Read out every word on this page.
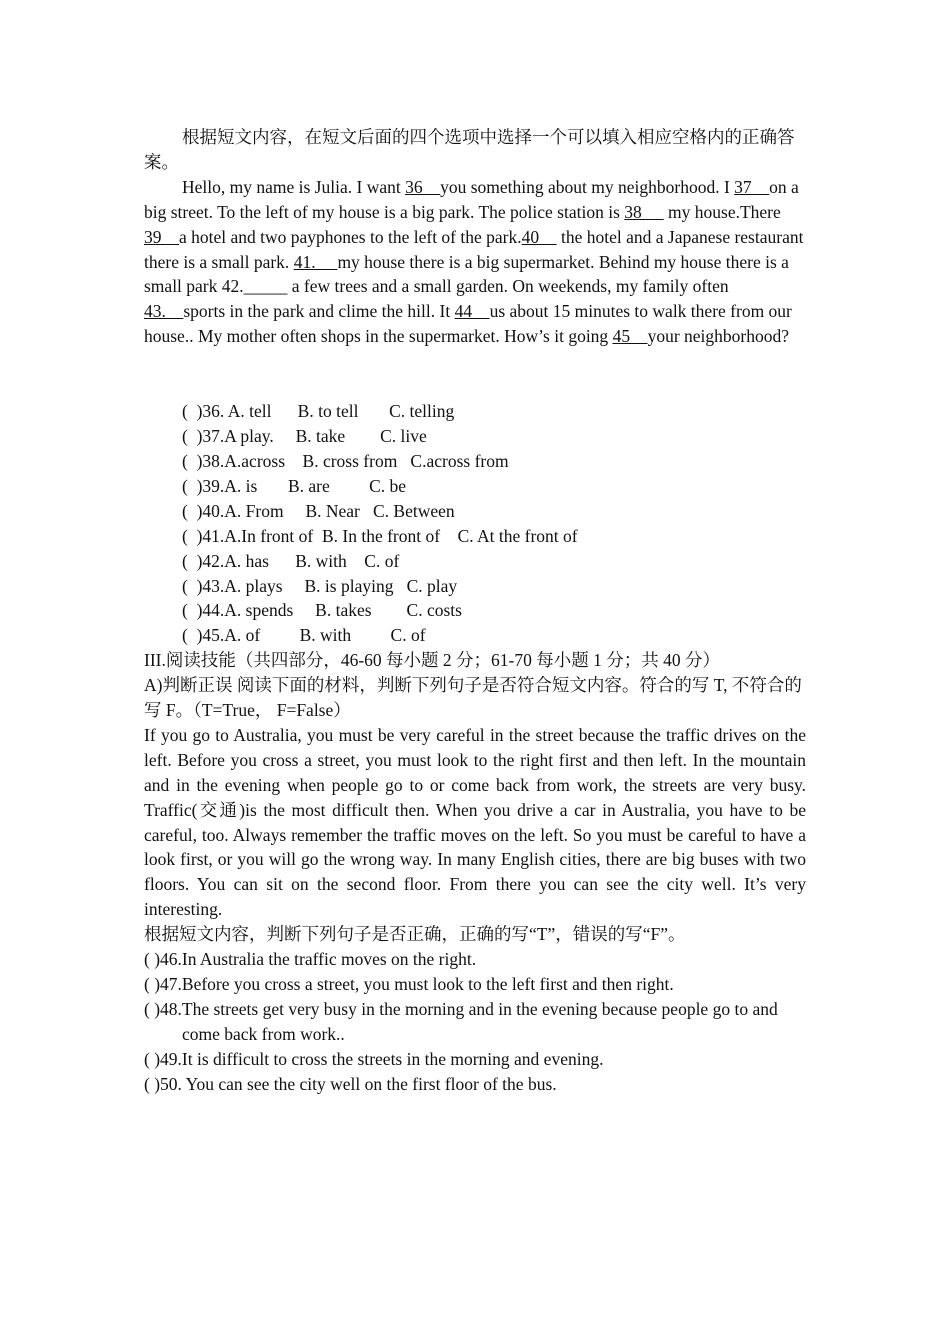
根据短文内容，在短文后面的四个选项中选择一个可以填入相应空格内的正确答案。

Hello, my name is Julia. I want 36    you something about my neighborhood. I 37    on a big street. To the left of my house is a big park. The police station is 38      my house.There 39    a hotel and two payphones to the left of the park.40     the hotel and a Japanese restaurant there is a small park. 41.     my house there is a big supermarket. Behind my house there is a small park 42._____ a few trees and a small garden. On weekends, my family often 43.    sports in the park and clime the hill. It 44    us about 15 minutes to walk there from our house.. My mother often shops in the supermarket. How’s it going 45    your neighborhood?

(  )36. A. tell      B. to tell       C. telling

(  )37.A play.     B. take        C. live

(  )38.A.across    B. cross from   C.across from

(  )39.A. is       B. are         C. be

(  )40.A. From     B. Near   C. Between

(  )41.A.In front of  B. In the front of    C. At the front of

(  )42.A. has      B. with    C. of

(  )43.A. plays     B. is playing   C. play

(  )44.A. spends     B. takes        C. costs

(  )45.A. of         B. with         C. of

III.阅读技能（共四部分，46-60 每小题 2 分；61-70 每小题 1 分；共 40 分）

A)判断正误 阅读下面的材料，判断下列句子是否符合短文内容。符合的写 T, 不符合的写 F。（T=True， F=False）

If you go to Australia, you must be very careful in the street because the traffic drives on the left. Before you cross a street, you must look to the right first and then left. In the mountain and in the evening when people go to or come back from work, the streets are very busy. Traffic(交通)is the most difficult then. When you drive a car in Australia, you have to be careful, too. Always remember the traffic moves on the left. So you must be careful to have a look first, or you will go the wrong way. In many English cities, there are big buses with two floors. You can sit on the second floor. From there you can see the city well. It’s very interesting.

根据短文内容，判断下列句子是否正确，正确的写“T”，错误的写“F”。

( )46.In Australia the traffic moves on the right.

( )47.Before you cross a street, you must look to the left first and then right.

( )48.The streets get very busy in the morning and in the evening because people go to and come back from work..

( )49.It is difficult to cross the streets in the morning and evening.

( )50. You can see the city well on the first floor of the bus.
